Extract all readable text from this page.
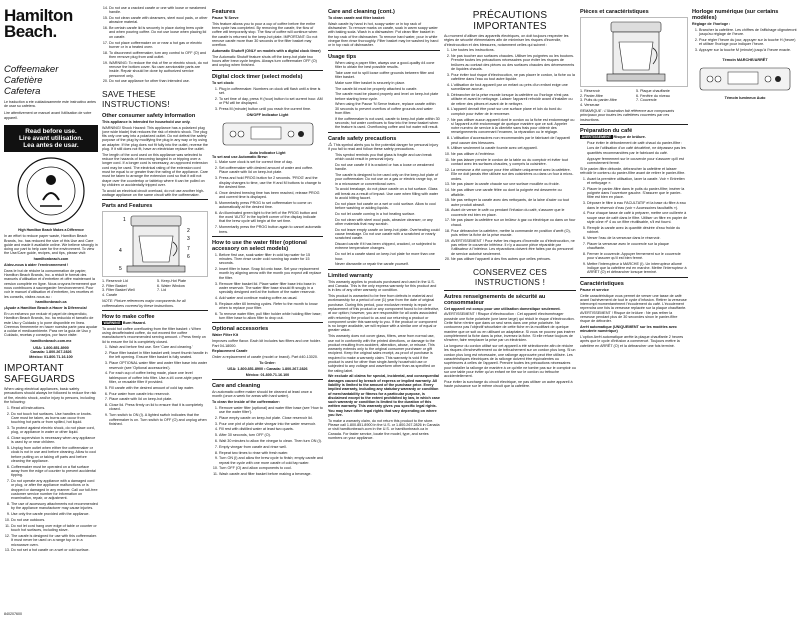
Hamilton
Beach.
Coffeemaker
Cafetière
Cafetera

Le traduction a ete cuidadosamente este instructivo antes de usar su cafetera.

Lire attentivement ce manuel avant l'utilisation de votre appareil.

Read before use.
Lire avant utilisation.
Lea antes de usar.

High Hamilton Beach Makes a Difference

In an effort to reduce paper waste, Hamilton Beach Brands, Inc. has reduced the size of this Use and Care guide and made it available online. We believe strongly in doing our part to help care for the environment. To view the Use/Care guide, recipes, and tips, please visit:

hamiltonbeach.com

Aidez-nous à aider l'environnement !

Dans le but de réduire la consommation de papier, Hamilton Beach Brands, Inc. a réduit le format des manuels d'utilisation et d'entretien et offre maintenant la version complète en ligne. Nous croyons fermement que nous contribuons à sauvegarder l'environnement. Pour voir le manuel d'utilisation et d'entretien, les recettes et les conseils, visitez-nous au :

hamiltonbeach.ca

¡Ayude a Hamilton Beach a Hacer la Diferencia!

En un esfuerzo por reducir el papel de desperdicio, Hamilton Beach Brands, Inc. ha reducido el tamaño de este Uso y Cuidado y lo pone disponible en línea. Creemos firmemente en hacer nuestra parte para ayudar a cuidar el medioambiente. Para ver la guía de Uso y Cuidado, recetas y consejos, por favor visite:

hamiltonbeach.com.mx

USA: 1.800.851.8900
Canada: 1.800.267.2826
México: 01.800.71.16.100
IMPORTANT SAFEGUARDS

When using electrical appliances, basic safety precautions should always be followed to reduce the risk of fire, electric shock, and/or injury to persons, including the following:

1. Read all instructions.
2. Do not touch hot surfaces. Use handles or knobs. Care must be taken, as burns can occur from touching hot parts or from spilled, hot liquid.
3. To protect against electric shock, do not place cord, plug, or appliance in water or other liquid.
4. Close supervision is necessary when any appliance is used by or near children.
5. Unplug from outlet when either the coffeemaker or clock is not in use and before cleaning. Allow to cool before putting on or taking off parts and before cleaning the appliance.
6. Coffeemaker must be operated on a flat surface away from the edge of counter to prevent accidental tipping.
7. Do not operate any appliance with a damaged cord or plug, or after the appliance malfunctions or is dropped or damaged in any manner. Call our toll-free customer service number for information on examination, repair, or adjustment.
8. The use of accessory attachments not recommended by the appliance manufacturer may cause injuries.
9. Use only the carafe provided with the appliance.
10. Do not use outdoors.
11. Do not let cord hang over edge of table or counter or touch hot surfaces, including stove.
12. The carafe is designed for use with this coffeemaker. It must never be used on a range top or in a microwave oven.
13. Do not set a hot carafe on a wet or cold surface.
840207600
14. Do not use a cracked carafe or one with loose or weakened handle.
15. Do not clean carafe with cleansers, steel wool pads, or other abrasive material.
16. Be certain carafe lid is securely in place during brew cycle and when pouring coffee. Do not use loose when placing lid on carafe.
17. Do not place coffeemaker on or near a hot gas or electric burner or in a heated oven.
18. To disconnect coffeemaker, turn any control to OFF (O) and then remove plug from wall outlet.
19. WARNING: To reduce the risk of fire or electric shock, do not remove the bottom cover. No user-serviceable parts are inside. Repair should be done by authorized service personnel only.
20. Do not use appliance for other than intended use.
SAVE THESE INSTRUCTIONS!
Other consumer safety information

This appliance is intended for household use only.

WARNING! Shock Hazard: This appliance has a polarized plug (one wide blade) that reduces the risk of electric shock. The plug fits only one way into a polarized outlet. Do not defeat the safety purpose of the plug by modifying the plug in any way or by using an adapter. If the plug does not fit fully into the outlet, reverse the plug. If it still does not fit, have an electrician replace the outlet.

The length of the cord used on this appliance was selected to reduce the hazards of becoming tangled in or tripping over a longer cord. If a longer cord is necessary, an approved extension cord may be used. The electrical rating of the extension cord must be equal to or greater than the rating of the appliance. Care must be taken to arrange the extension cord so that it will not drape over the countertop or tabletop where it can be pulled on by children or accidentally tripped over.

To avoid an electrical circuit overload, do not use another high-wattage appliance on the same circuit with the coffeemaker.

Parts and Features
1
2
3
4
5
6
7
1. Reservoir Lid	5. Keep-Hot Plate
2. Filter Basket	6. Water Window
3. Filter Basket Well	7. Lid
4. Carafe

NOTE: Picture references major components for all coffeemakers covered by these instructions.

How to make coffee

WARNING Burn Hazard.

To avoid hot coffee overflowing from the filter basket: • When using decaffeinated coffee, do not exceed the coffee manufacturer's recommended serving amount. • Press firmly on lid to ensure the lid is completely closed.

1. Wash and before first use. See 'Care and cleaning.'
2. Place filter basket in filter basket well; insert thumb handle in the left opening. Ensure filter basket is fully seated.
3. Place OPTIONAL water filter and water filter base into water reservoir (see 'Optional accessories').
4. For each cup of coffee being made, place one level tablespoon of coffee into filter. Use a #4 cone-style paper filter, or reusable filter if provided.
5. Fill carafe with the desired amount of cold tap water.
6. Pour water from carafe into reservoir.
7. Place carafe with lid on keep-hot plate.
8. Close lid. Press firmly on lid to ensure that it is completely closed.
9. Turn switch to ON (I). A lighted switch indicates that the coffeemaker is on. Turn switch to OFF (O) and unplug when finished.
Features

Pause 'N Serve

This feature allows you to pour a cup of coffee before the entire brew cycle has completed. By removing the carafe, the flow of coffee will temporarily stop. The flow of coffee will continue when the carafe is returned to the keep-hot plate. IMPORTANT: Do not remove carafe more than 30 seconds or the filter basket may overflow.

Automatic Shutoff (ONLY on models with a digital clock timer)

The Automatic Shutoff feature shuts off the keep-hot plate two hours after brew cycle begins. Always turn coffeemaker OFF (O) and unplug when finished.

Digital clock timer (select models)

To set clock:

1. Plug in coffeemaker. Numbers on clock will flash until a time is set.
2. To set time of day, press H (hour) button to set current hour. AM or PM will be displayed.
3. Press M (minute) button until you reach the current time.
ON/OFF Indicator Light
Auto Indicator Light

To set and use Automatic Brew:

1. Make sure clock is set for correct time of day.
2. Set coffeemaker with desired amount of water and coffee. Place carafe with lid on keep-hot plate.
3. Press and hold PROG button for 2 seconds. 'PROG' and the display changes to time, use the H and M buttons to change to the desired time.
4. Once desired brewing time has been reached, release PROG and current time is displayed.
5. Momentarily press PROG to set coffeemaker to come on automatically at the desired time.
6. An illuminated green light to the left of the PROG button and the word 'AUTO' in the top/left corner of the display indicate that the brew cycle will begin at the set time.
7. Momentarily press the PROG button again to cancel automatic brew.
How to use the water filter (optional accessory on select models)
1. Before first use, soak water filter in cold tap water for 15 minutes. Then rinse under cold running tap water for 15 seconds.
2. Insert filter in base. Snap lid onto base. Set your replacement month by aligning arrow with the month you expect will replace the filter.
3. Remove filter basket lid. Place water filter base into base in water reservoir. The water filter base should fit snugly in a specially designed well at the bottom of the water reservoir.
4. Add water and continue making coffee as usual.
5. Replace after 60 brewing cycles. Refer to the month to know when to replace your filter.
6. To remove water filter, pull filter holder while holding filter base; turn filter base to allow filter to drop out.
Optional accessories

Water Filter Kit

Improves coffee flavor. Each kit includes two filters and one holder. Part 04-18000.

Replacement Carafe

Order a replacement of carafe (model or brand). Part #40-13020.

To Order:

USA: 1.800.851.8900 • Canada: 1.800.267.2826

México: 01.800.71.16.100

Care and cleaning

An automatic coffee maker should be cleaned at least once a month (once a week for areas with hard water).

To clean the inside of the coffeemaker:

1. Remove water filter (optional) and water filter base (see 'How to use the water filter').
2. Place empty carafe on keep-hot plate. Close reservoir lid.
3. Pour one pint of plain white vinegar into the water reservoir.
4. Fill rest with distilled water at least two quarts.
5. After 30 seconds, turn OFF (O).
6. Wait 30 minutes to allow the vinegar to clean. Then turn ON (I).
7. Empty vinegar from carafe and rinse well.
8. Repeat two times to rinse with fresh water.
9. Turn ON (I) and allow the brew cycle to finish; empty carafe and repeat the cycle with one more carafe of cold tap water.
10. Turn OFF (O) and allow components to cool.
11. Wash carafe and filter basket before making a beverage.
Care and cleaning (cont.)

To clean carafe and filter basket:

Wash carafe by hand in hot, soapy water or in top rack of dishwasher. To remove marks on carafe, soak in warm soapy water with baking soda. Wash in a dishwasher. Put clean filter basket in the top rack of the dishwasher. To remove hard water, pour in white vinegar then rinse thoroughly. Filter basket may be washed by hand or in top rack of dishwasher.

Usage tips
• When using a paper filter, always use a good-quality #4 cone filter to obtain the best possible results.
• Take care not to spill loose coffee grounds between filter and filter basket.
• Make sure filter basket is securely in place.
• The carafe lid must be properly attached to carafe.
• The carafe must be placed properly and level on keep-hot plate before starting brew cycle.
• When using the Pause 'N Serve feature, replace carafe within 30 seconds to prevent overflow of coffee grounds and water from filter.
• If the coffeemaker is not used, carafe to keep-hot plate within 30 seconds; hot water continues to flow into the brew basket when the feature is used. Overflowing coffee and hot water will result.
Carafe safety precautions

⚠ This symbol alerts you to the potential danger for personal injury if you fail to read and follow these safety precautions.

• This symbol reminds you that glass is fragile and can break which could result in personal injury.
• Do not use carafe if it is cracked or has a loose or weakened handle.
• The carafe is designed to be used only on the keep-hot plate of your coffeemaker. Do not use on a gas or electric range top, or in a microwave or conventional oven.
• To avoid breakage, do not place carafe on a hot surface. Glass will break as a result of impact. Use care when filling with water to avoid hitting faucet.
• Do not place hot carafe on a wet or cold surface. Allow to cool before washing or adding liquids.
• Do not let carafe coming in a hot heating surface.
• Do not clean with steel wool pads, abrasive cleanser, or any other materials that may scratch.
• Do not leave empty carafe on keep-hot plate. Overheating could cause breakage. Do not use carafe with a scratched or nearly scratched carafe.
• Discard carafe if it has been chipped, cracked, or subjected to extreme temperature changes.
• Do not let a carafe stand on keep-hot plate for more than one hour.
• Never dismantle or repair the carafe yourself.
Limited warranty

This warranty applies to products purchased and used in the U.S. and Canada. This is the only express warranty for this product and is in lieu of any other warranty or condition.

This product is warranted to be free from defects in material and workmanship for a period of one (1) year from the date of original purchase. During this period, your exclusive remedy is repair or replacement of this product or any component found to be defective, at our option; however, you are responsible for all costs associated with returning the product to us and our returning a product or component under this warranty to you. If the product or component is no longer available, we will replace with a similar one of equal or greater value.

This warranty does not cover glass, filters, wear from normal use, use not in conformity with the printed directions, or damage to the product resulting from accident, alteration, abuse, or misuse. This warranty extends only to the original consumer purchaser or gift recipient. Keep the original sales receipt, as proof of purchase is required to make a warranty claim. This warranty is void if the product is used for other than single-family household use or subjected to any voltage and waveform other than as specified on the rating label.

We exclude all claims for special, incidental, and consequential damages caused by breach of express or implied warranty. All liability is limited to the amount of the purchase price. Every implied warranty, including any statutory warranty or condition of merchantability or fitness for a particular purpose, is disclaimed except to the extent prohibited by law, in which case such warranty or condition is limited to the duration of this written warranty. This warranty gives you specific legal rights. You may have other legal rights that vary depending on where you live.

To make a warranty claim, do not return this product to the store. Please call 1.800.851.8900 in the U.S. or 1.800.267.2826 in Canada or visit hamiltonbeach.com in the U.S. or hamiltonbeach.ca in Canada. For faster service, locate the model, type, and series numbers on your appliance.

PRÉCAUTIONS IMPORTANTES

Au moment d'utiliser des appareils électriques, on doit toujours respecter les règles de sécurité élémentaires afin de minimiser les risques d'incendie, d'électrocution et des blessures, notamment celles qui suivent :

1. Lire toutes les instructions.
2. Ne pas toucher aux surfaces chaudes. Utiliser les poignées ou les boutons. Prendre toutes les précautions nécessaires pour éviter les risques de brûlures au contact des pièces ou des surfaces chaudes des déversements de liquides chauds.
3. Pour éviter tout risque d'électrocution, ne pas placer le cordon, la fiche ou la cafetière dans l'eau ou tout autre liquide.
4. L'utilisation de tout appareil par un enfant ou près d'un enfant exige une surveillance accrue.
5. Débrancher de la prise murale lorsque la cafetière ou l'horloge n'est pas utilisée et avant le nettoyage. Laisser l'appareil refroidir avant d'installer ou de retirer des pièces et avant de le nettoyer.
6. L'appareil devrait être posé sur une surface plane et loin du bord du comptoir pour éviter de le renverser.
7. Ne pas utiliser aucun appareil dont le cordon ou la fiche est endommagé ou si l'appareil a été endommagé de quelque manière que ce soit. Appeler notre numéro de service à la clientèle sans frais pour obtenir des renseignements concernant l'examen, la réparation ou le réglage.
8. L'utilisation d'accessoires non recommandés par le fabricant de l'appareil peut causer des blessures.
9. Utiliser seulement la carafe fournie avec cet appareil.
10. Ne pas utiliser à l'extérieur.
11. Ne pas laisser pendre le cordon de la table ou du comptoir et éviter tout contact avec les surfaces chaudes, y compris la cuisinière.
12. La verseuse a été conçue pour être utilisée uniquement avec la cafetière. Elle ne doit jamais être utilisée sur des cuisinières ou dans un four à micro-ondes.
13. Ne pas placer la carafe chaude sur une surface mouillée ou froide.
14. Ne pas utiliser une carafe fêlée ou dont la poignée est desserrée ou affaiblie.
15. Ne pas nettoyer la carafe avec des nettoyants, de la laine d'acier ou tout autre produit abrasif.
16. Avant de verser le café ou pendant l'infusion du café, s'assurer que le couvercle est bien en place.
17. Ne pas placer la cafetière sur un brûleur à gaz ou électrique ou dans un four chaud.
18. Pour débrancher la cafetière, mettre la commande en position d'arrêt (O), puis retirer la fiche de la prise murale.
19. AVERTISSEMENT ! Pour éviter les risques d'incendie ou d'électrocution, ne pas retirer le couvercle inférieur. Il n'y a aucune pièce réparable par l'utilisateur à l'intérieur. Les réparations doivent être faites par du personnel de service autorisé seulement.
20. Ne pas utiliser l'appareil à des fins autres que celles prévues.
CONSERVEZ CES INSTRUCTIONS !
Autres renseignements de sécurité au consommateur

Cet appareil est conçu pour une utilisation domestique seulement.

AVERTISSEMENT ! Risque d'électrocution : Cet appareil électroménager possède une fiche polarisée (une lame large) qui réduit le risque d'électrocution. Cette fiche n'entre que dans un seul sens dans une prise polarisée. Ne contournez pas l'objectif sécuritaire de cette fiche en la modifiant de quelque manière que ce soit ou en utilisant un adaptateur. Si vous ne pouvez pas insérer complètement la fiche dans la prise, inversez la fiche. Si elle refuse toujours de s'insérer, faire remplacer la prise par un électricien.

La longueur du cordon utilisé sur cet appareil a été sélectionnée afin de réduire les risques d'enchevêtrement ou de trébuchement sur un cordon plus long. Si un cordon plus long est nécessaire, une rallonge approuvée peut être utilisée. Les caractéristiques électriques de la rallonge doivent être équivalentes ou supérieures à celles de l'appareil. Prendre toutes les précautions nécessaires pour installer la rallonge de manière à ce qu'elle ne tombe pas sur le comptoir ou sur une table pour éviter qu'un enfant ne tire sur le cordon ou trébuche accidentellement.

Pour éviter la surcharge du circuit électrique, ne pas utiliser un autre appareil à haute puissance sur le même circuit que la cafetière.

Pièces et caractéristiques
1. Réservoir	5. Plaque chauffante
2. Panier-filtre	6. Fenêtre du niveau
3. Puits du panier-filtre	7. Couvercle
4. Verseuse

REMARQUE : L'illustration fait référence aux composants principaux pour toutes les cafetières couvertes par ces instructions.

Préparation du café

AVERTISSEMENT Risque de brûlure.

• Pour éviter le débordement de café chaud du panier-filtre :
• Lors de l'utilisation d'un café décaféiné, ne dépassez pas les quantités recommandées par le fabricant du café.
• Appuyer fermement sur le couvercle pour s'assurer qu'il est correctement fermé.

Si le panier-filtre déborde, débrancher la cafetière et laisser refroidir le contenu du panier-filtre avant de retirer le panier-filtre.

1. Avant la première utilisation, laver la carafe. Voir « Entretien et nettoyage ».
2. Placer le panier-filtre dans le puits du panier-filtre; insérer la poignée dans l'ouverture gauche. S'assurer que le panier-filtre est bien en place.
3. Déposer le filtre à eau FACULTATIF et la base du filtre à eau dans le réservoir d'eau (voir « Accessoires facultatifs »).
4. Pour chaque tasse de café à préparer, mettre une cuillerée à soupe rase de café dans le filtre. Utiliser un filtre en papier de style cône nº 4 ou un filtre réutilisable, s'il est fourni.
5. Remplir la carafe avec la quantité désirée d'eau froide du robinet.
6. Verser l'eau de la verseuse dans le réservoir.
7. Placer la verseuse avec le couvercle sur la plaque chauffante.
8. Fermer le couvercle. Appuyer fermement sur le couvercle pour s'assurer qu'il est bien fermé.
9. Mettre l'interrupteur à MARCHE (I). Un interrupteur allumé indique que la cafetière est en marche. Mettre l'interrupteur à ARRÊT (O) et débrancher lorsque terminé.
Caractéristiques

Pause et service

Cette caractéristique vous permet de verser une tasse de café avant l'achèvement de tout le cycle d'infusion. Retirer la verseuse interrompt momentanément l'écoulement du café. L'écoulement reprendra une fois la verseuse replacée sur la plaque chauffante. AVERTISSEMENT ! Risque de brûlure : Ne pas retirer la verseuse pendant plus de 30 secondes sinon le panier-filtre risque de déborder.

Arrêt automatique (UNIQUEMENT sur les modèles avec minuterie numérique)

L'option Arrêt automatique arrête la plaque chauffante 2 heures après que le cycle d'infusion a commencé. Toujours mettre la cafetière en ARRÊT (O) et la débrancher une fois terminé.

Horloge numérique (sur certains modèles)

Réglage de l'horloge :

1. Brancher la cafetière. Les chiffres de l'affichage clignoteront jusqu'au réglage de l'heure.
2. Pour régler l'heure du jour, appuyer sur la touche H (heure) et utiliser l'horloge pour indiquer l'heure.
3. Appuyer sur la touche M (minute) jusqu'à l'heure exacte.
Témoin MARCHE/ARRÊT
Témoin lumineux Auto
